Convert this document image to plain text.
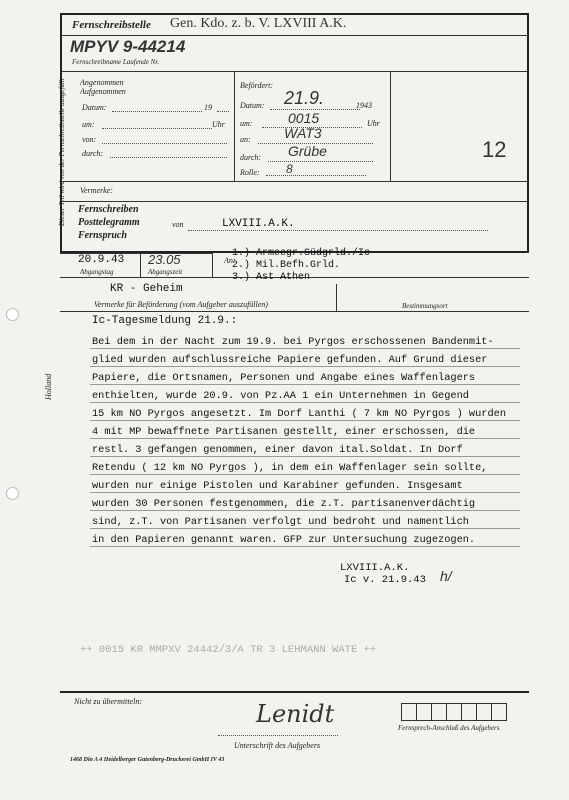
Dieser Teil wird von der Fernschreibstelle ausgefüllt
Holland
Fernschreibstelle Gen. Kdo. z. b. V. LXVIII A.K.
MPYV 9-44214
Fernschreibname Laufende Nr.
Angenommen
Aufgenommen
Datum:	19
um:	Uhr
von:
durch:
Befördert:
Datum: 21.9.	1943
um:	0015	Uhr
an: WAT3
durch: Grübe
Rolle: 8
12
Vermerke:
Fernschreiben
Posttelegramm	von	LXVIII.A.K.
Fernspruch
20.9.43 23.05
Abgangstag	Abgangszeit
An:
1.) Armeegr.Südgrld./Ic
2.) Mil.Befh.Grld.
3.) Ast Athen
KR - Geheim
Vermerke für Beförderung (vom Aufgeber auszufüllen)	Bestimmungsort
Ic-Tagesmeldung 21.9.:
Bei dem in der Nacht zum 19.9. bei Pyrgos erschossenen Bandenmit-
glied wurden aufschlussreiche Papiere gefunden. Auf Grund dieser
Papiere, die Ortsnamen, Personen und Angabe eines Waffenlagers
enthielten, wurde 20.9. von Pz.AA 1 ein Unternehmen in Gegend
15 km NO Pyrgos angesetzt. Im Dorf Lanthi ( 7 km NO Pyrgos ) wurden
4 mit MP bewaffnete Partisanen gestellt, einer erschossen, die
restl. 3 gefangen genommen, einer davon ital.Soldat. In Dorf
Retendu ( 12 km NO Pyrgos ), in dem ein Waffenlager sein sollte,
wurden nur einige Pistolen und Karabiner gefunden. Insgesamt
wurden 30 Personen festgenommen, die z.T. partisanenverdächtig
sind, z.T. von Partisanen verfolgt und bedroht und namentlich
in den Papieren genannt waren. GFP zur Untersuchung zugezogen.
LXVIII.A.K.
Ic v. 21.9.43 h/
++ 0015 KR MMPXV 24442/3/A TR 3 LEHMANN WATE ++
Nicht zu übermitteln:	Lenidt
Unterschrift des Aufgebers
Fernsprech-Anschluß des Aufgebers
1468 Din A 4 Heidelberger Gutenberg-Druckerei GmbH IV 43
